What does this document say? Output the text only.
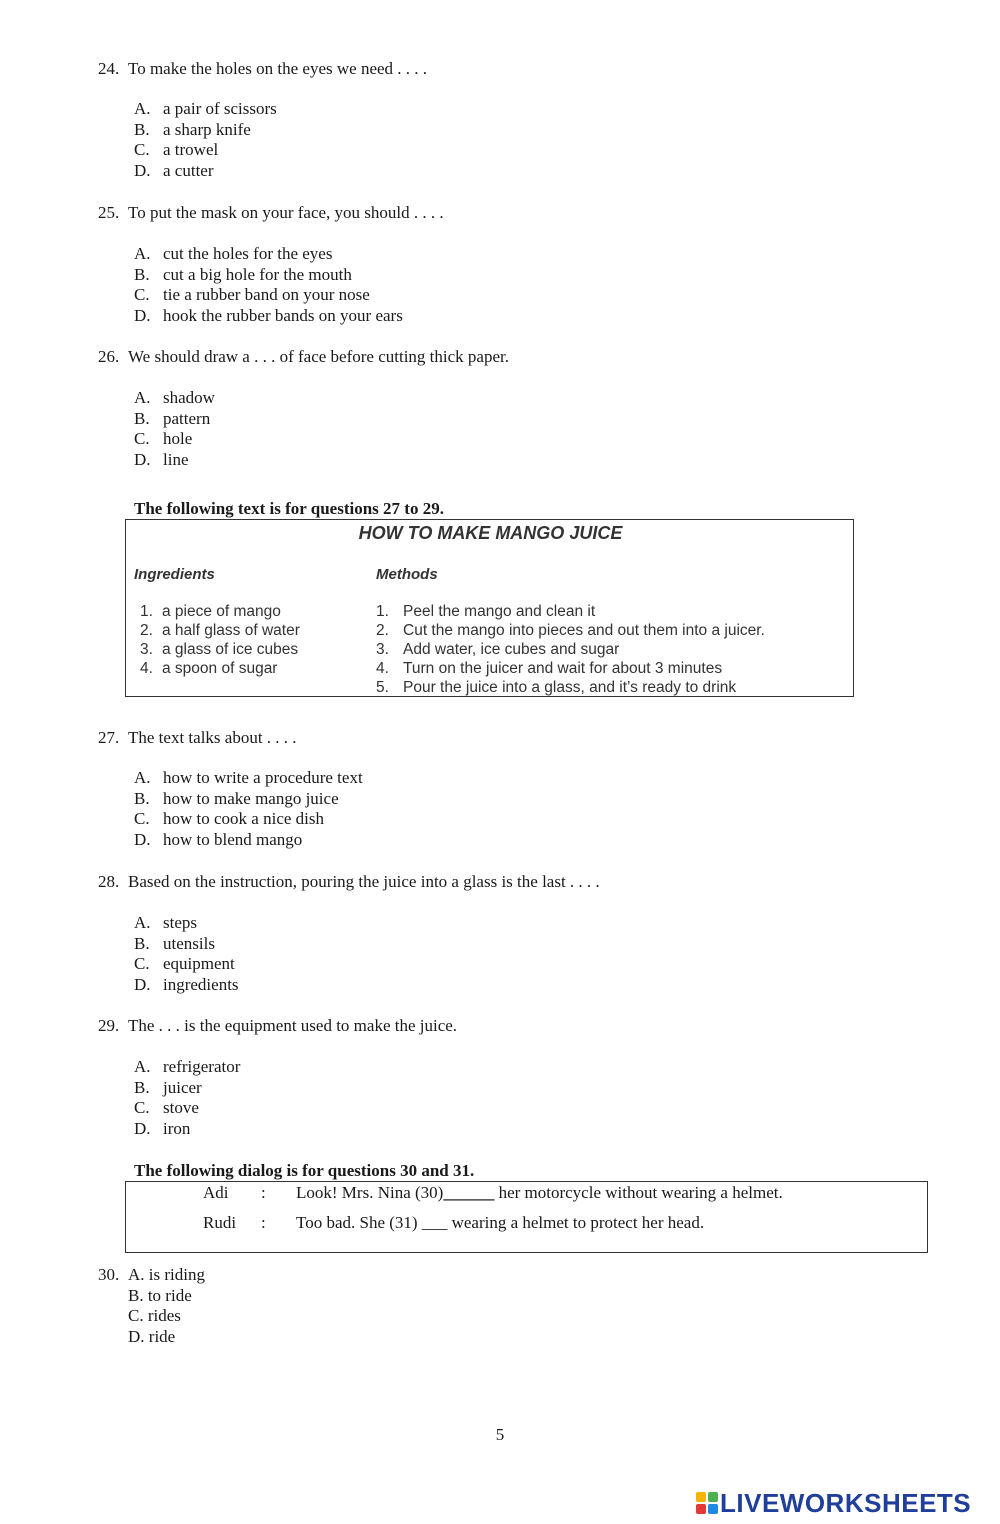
24. To make the holes on the eyes we need . . . .
A. a pair of scissors
B. a sharp knife
C. a trowel
D. a cutter
25. To put the mask on your face, you should . . . .
A. cut the holes for the eyes
B. cut a big hole for the mouth
C. tie a rubber band on your nose
D. hook the rubber bands on your ears
26. We should draw a . . . of face before cutting thick paper.
A. shadow
B. pattern
C. hole
D. line
The following text is for questions 27 to 29.
HOW TO MAKE MANGO JUICE
Ingredients	Methods
1. a piece of mango
2. a half glass of water
3. a glass of ice cubes
4. a spoon of sugar
1. Peel the mango and clean it
2. Cut the mango into pieces and out them into a juicer.
3. Add water, ice cubes and sugar
4. Turn on the juicer and wait for about 3 minutes
5. Pour the juice into a glass, and it’s ready to drink
27. The text talks about . . . .
A. how to write a procedure text
B. how to make mango juice
C. how to cook a nice dish
D. how to blend mango
28. Based on the instruction, pouring the juice into a glass is the last . . . .
A. steps
B. utensils
C. equipment
D. ingredients
29. The . . . is the equipment used to make the juice.
A. refrigerator
B. juicer
C. stove
D. iron
The following dialog is for questions 30 and 31.
Adi : Look! Mrs. Nina (30)______ her motorcycle without wearing a helmet.
Rudi : Too bad. She (31) ___ wearing a helmet to protect her head.
30. A. is riding
B. to ride
C. rides
D. ride
5
LIVEWORKSHEETS
